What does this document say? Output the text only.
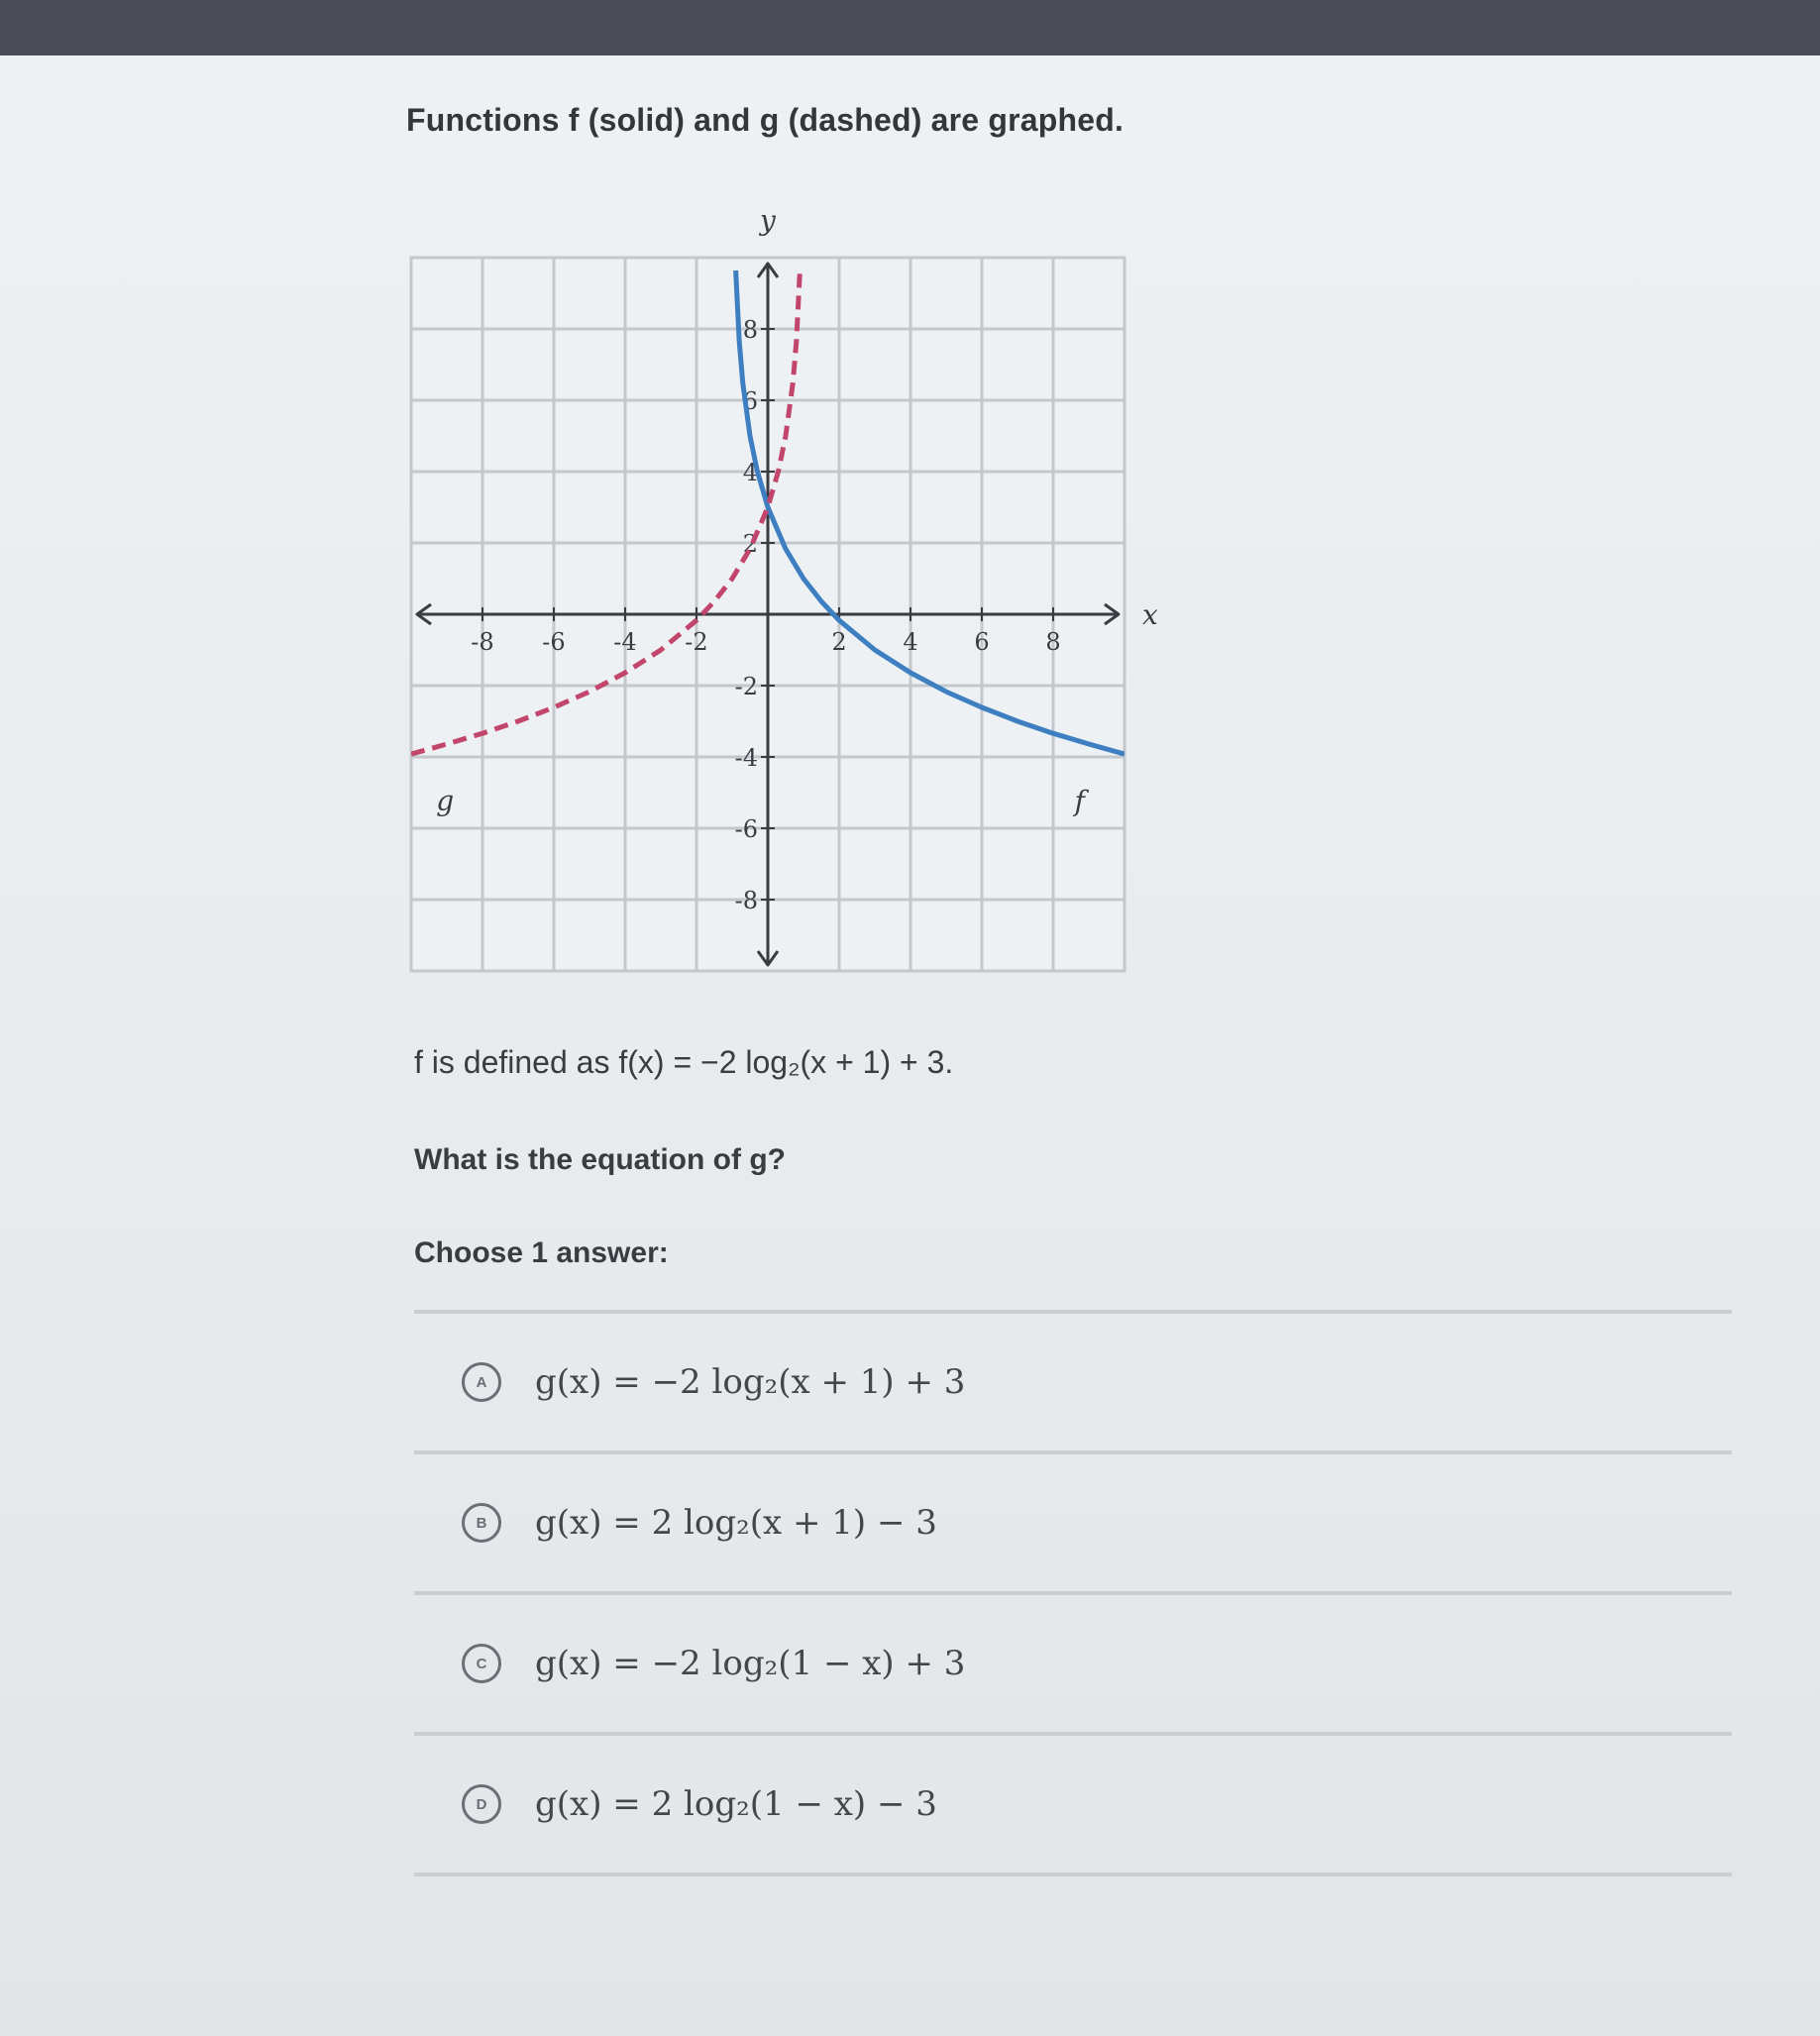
Functions f (solid) and g (dashed) are graphed.
-8 -6 -4 -2	2 4 6 8
8
6
4
2
-2
-4
-6
-8
x
y
f
g
f is defined as f(x) = −2 log₂(x + 1) + 3.
What is the equation of g?
Choose 1 answer:
A	g(x) = −2 log₂(x + 1) + 3
B	g(x) = 2 log₂(x + 1) − 3
C	g(x) = −2 log₂(1 − x) + 3
D	g(x) = 2 log₂(1 − x) − 3
